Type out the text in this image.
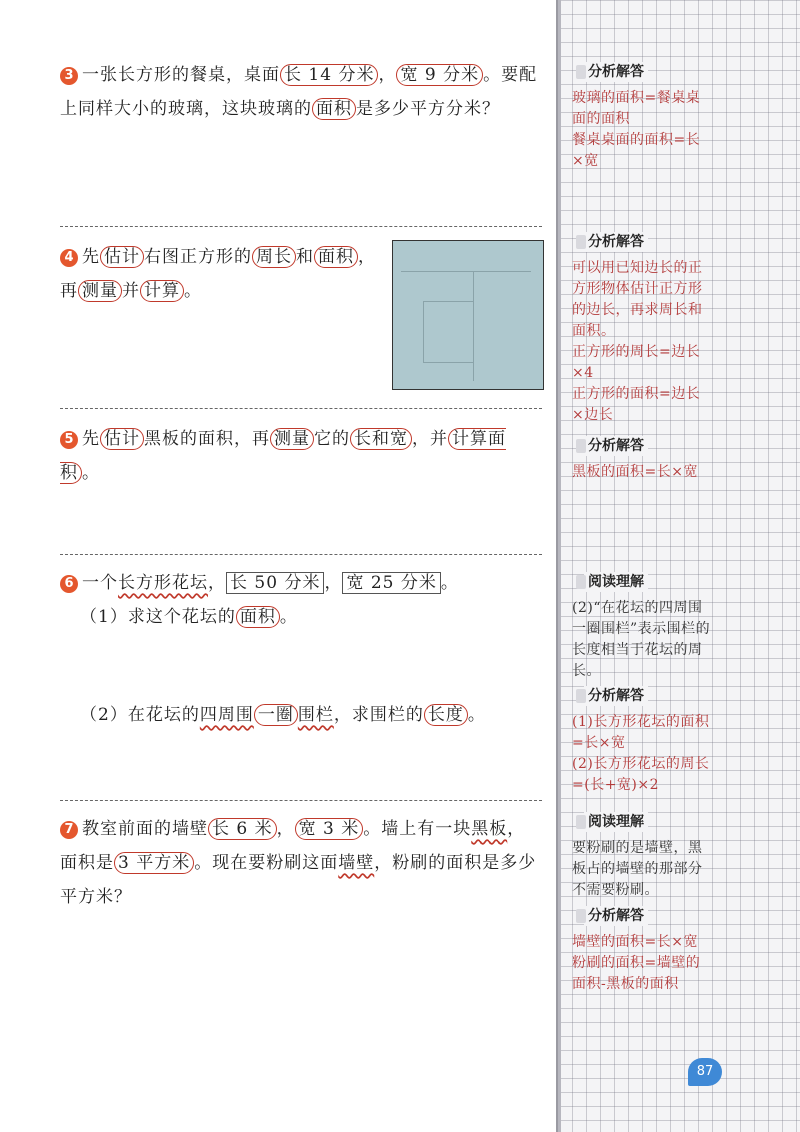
3 一张长方形的餐桌，桌面 长 14 分米 ， 宽 9 分米 。要配上同样大小的玻璃，这块玻璃的 面积 是多少平方分米？
4 先 估计 右图正方形的 周长 和 面积 ，再 测量 并 计算 。
5 先 估计 黑板的面积，再 测量 它的 长和宽 ，并 计算面积 。
6 一个长方形花坛， 长 50 分米 ， 宽 25 分米 。
（1）求这个花坛的 面积 。
（2）在花坛的四周围 一圈 围栏，求围栏的 长度 。
7 教室前面的墙壁 长 6 米 ， 宽 3 米 。墙上有一块黑板，面积是 3 平方米 。现在要粉刷这面墙壁，粉刷的面积是多少平方米？
分析解答
玻璃的面积=餐桌桌面的面积
餐桌桌面的面积=长×宽
分析解答
可以用已知边长的正方形物体估计正方形的边长，再求周长和面积。
正方形的周长=边长×4
正方形的面积=边长×边长
分析解答
黑板的面积=长×宽
阅读理解
(2)“在花坛的四周围一圈围栏”表示围栏的长度相当于花坛的周长。
分析解答
(1)长方形花坛的面积=长×宽
(2)长方形花坛的周长=(长+宽)×2
阅读理解
要粉刷的是墙壁，黑板占的墙壁的那部分不需要粉刷。
分析解答
墙壁的面积=长×宽
粉刷的面积=墙壁的面积-黑板的面积
87
